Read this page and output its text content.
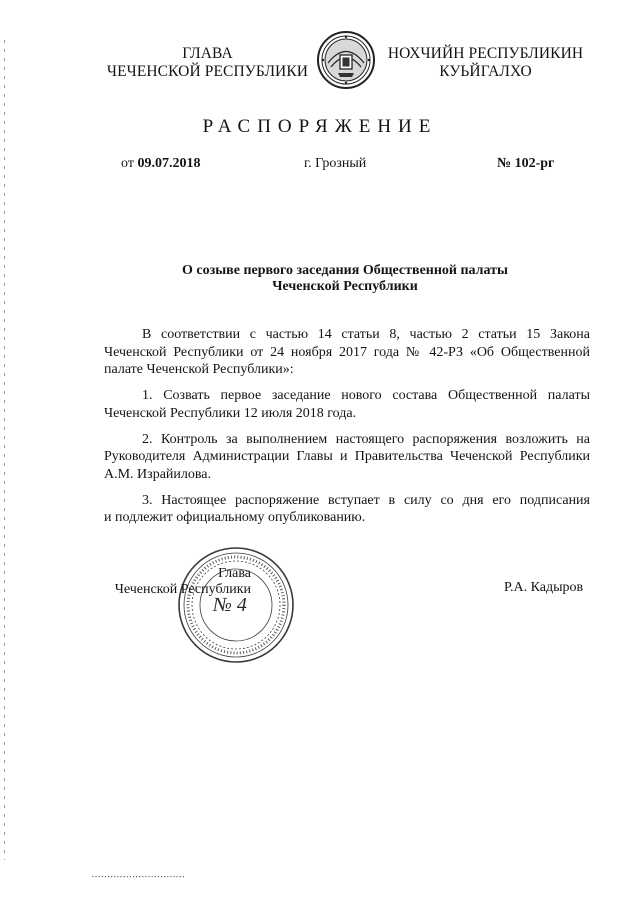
ГЛАВА
ЧЕЧЕНСКОЙ РЕСПУБЛИКИ
НОХЧИЙН РЕСПУБЛИКИН
КУЬЙГАЛХО
РАСПОРЯЖЕНИЕ
от 09.07.2018	г. Грозный	№ 102-рг
О созыве первого заседания Общественной палаты
Чеченской Республики

В соответствии с частью 14 статьи 8, частью 2 статьи 15 Закона
Чеченской Республики от 24 ноября 2017 года № 42-РЗ «Об Общественной
палате Чеченской Республики»:

1. Созвать первое заседание нового состава Общественной палаты
Чеченской Республики 12 июля 2018 года.

2. Контроль за выполнением настоящего распоряжения возложить на
Руководителя Администрации Главы и Правительства Чеченской Республики
А.М. Израйилова.

3. Настоящее распоряжение вступает в силу со дня его подписания
и подлежит официальному опубликованию.

№ 4
Глава
Чеченской Республики	Р.А. Кадыров
▪ ▪ ▪ ▪ ▪ ▪ ▪ ▪ ▪ ▪ ▪ ▪ ▪ ▪ ▪ ▪ ▪ ▪ ▪ ▪ ▪ ▪ ▪ ▪ ▪ ▪ ▪ ▪ ▪ ▪
